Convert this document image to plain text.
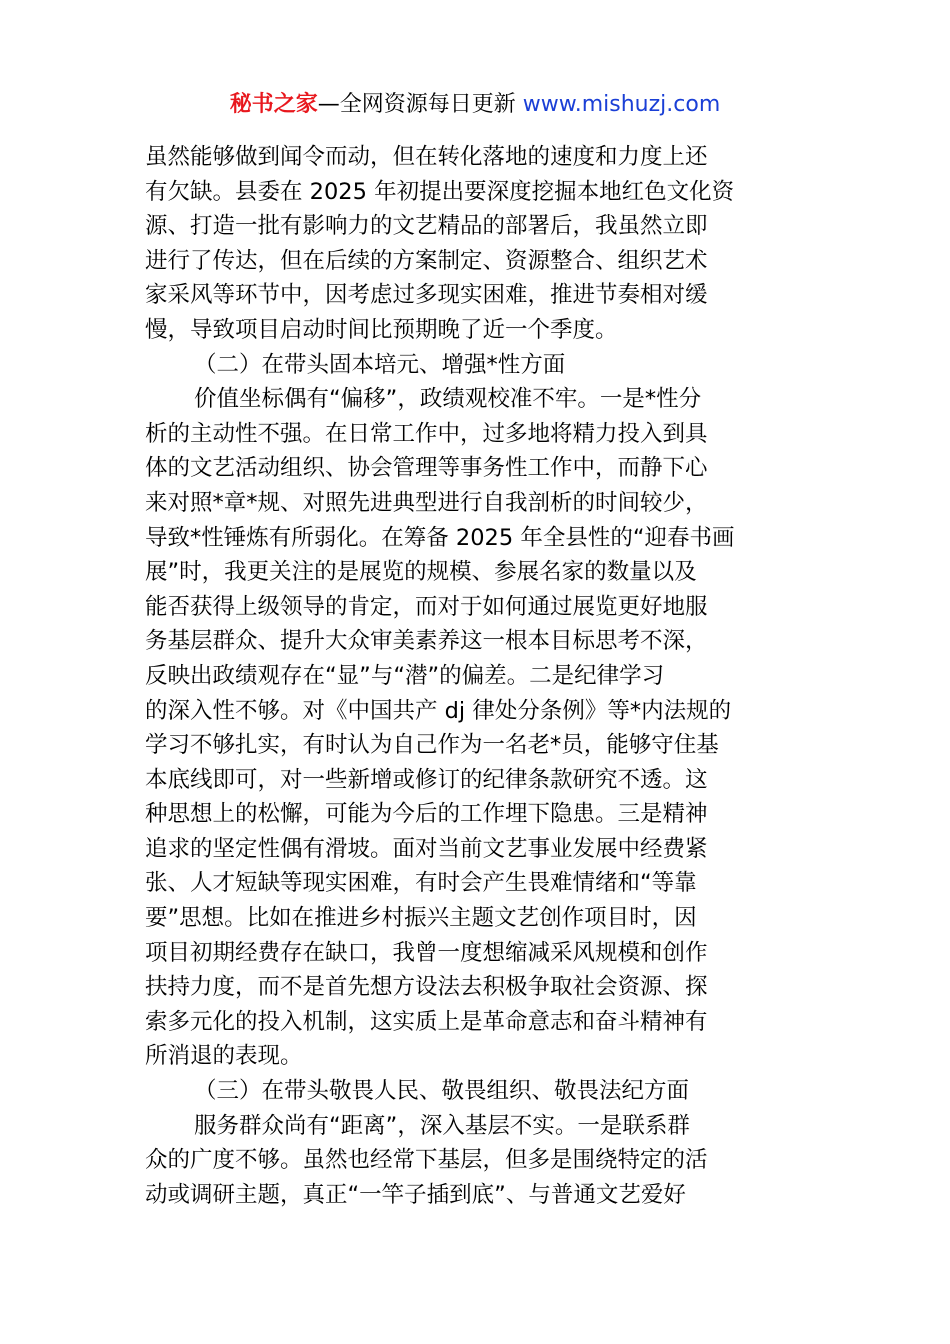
秘书之家—全网资源每日更新 www.mishuzj.com
虽然能够做到闻令而动，但在转化落地的速度和力度上还
有欠缺。县委在 2025 年初提出要深度挖掘本地红色文化资
源、打造一批有影响力的文艺精品的部署后，我虽然立即
进行了传达，但在后续的方案制定、资源整合、组织艺术
家采风等环节中，因考虑过多现实困难，推进节奏相对缓
慢，导致项目启动时间比预期晚了近一个季度。
（二）在带头固本培元、增强*性方面
价值坐标偶有“偏移”，政绩观校准不牢。一是*性分
析的主动性不强。在日常工作中，过多地将精力投入到具
体的文艺活动组织、协会管理等事务性工作中，而静下心
来对照*章*规、对照先进典型进行自我剖析的时间较少，
导致*性锤炼有所弱化。在筹备 2025 年全县性的“迎春书画
展”时，我更关注的是展览的规模、参展名家的数量以及
能否获得上级领导的肯定，而对于如何通过展览更好地服
务基层群众、提升大众审美素养这一根本目标思考不深，
反映出政绩观存在“显”与“潜”的偏差。二是纪律学习
的深入性不够。对《中国共产 dj 律处分条例》等*内法规的
学习不够扎实，有时认为自己作为一名老*员，能够守住基
本底线即可，对一些新增或修订的纪律条款研究不透。这
种思想上的松懈，可能为今后的工作埋下隐患。三是精神
追求的坚定性偶有滑坡。面对当前文艺事业发展中经费紧
张、人才短缺等现实困难，有时会产生畏难情绪和“等靠
要”思想。比如在推进乡村振兴主题文艺创作项目时，因
项目初期经费存在缺口，我曾一度想缩减采风规模和创作
扶持力度，而不是首先想方设法去积极争取社会资源、探
索多元化的投入机制，这实质上是革命意志和奋斗精神有
所消退的表现。
（三）在带头敬畏人民、敬畏组织、敬畏法纪方面
服务群众尚有“距离”，深入基层不实。一是联系群
众的广度不够。虽然也经常下基层，但多是围绕特定的活
动或调研主题，真正“一竿子插到底”、与普通文艺爱好
